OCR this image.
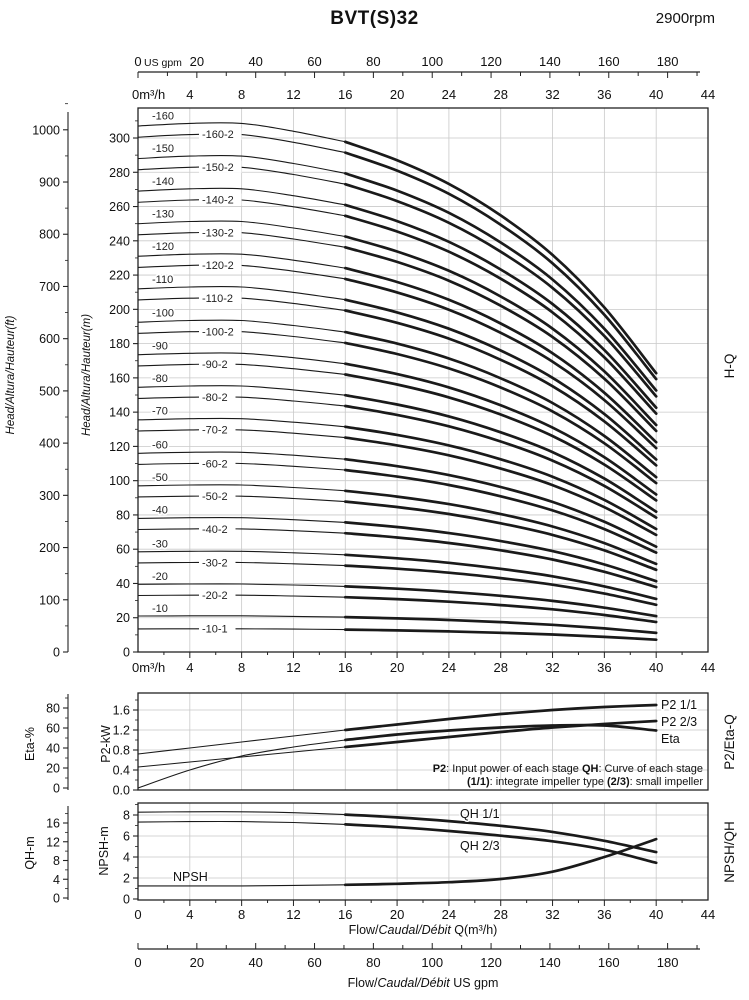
BVT(S)32	2900rpm
0
20
40
60
80
100
120
140
160
180
200
220
240
260
280
300
0
100
200
300
400
500
600
700
800
900
1000
0.0
0.4
0.8
1.2
1.6
0
20
40
60
80
0
2
4
6
8
0
4
8
12
16
0 US gpm 20	40	60	80	100	120	140	160	180
0m³/h 4	8	12	16	20	24	28	32	36	40	44
0m³/h 4	8	12	16	20	24	28	32	36	40	44
0	4	8	12	16	20	24	28	32	36	40	44
Flow/Caudal/Débit Q(m³/h)
0	20	40	60	80	100	120	140	160	180
Flow/Caudal/Débit US gpm
Head/Altura/Hauteur(ft)	Head/Altura/Hauteur(m)
Eta-%	P2-kW
QH-m	NPSH-m
H-Q
P2/Eta-Q
NPSH/QH
-160
-160-2
-150
-150-2
-140
-140-2
-130
-130-2
-120
-120-2
-110
-110-2
-100
-100-2
-90
-90-2
-80
-80-2
-70
-70-2
-60
-60-2
-50
-50-2
-40
-40-2
-30
-30-2
-20
-20-2
-10
-10-1
P2 1/1
P2 2/3
Eta
QH 1/1
QH 2/3
NPSH
P2: Input power of each stage QH: Curve of each stage
(1/1): integrate impeller type (2/3): small impeller
